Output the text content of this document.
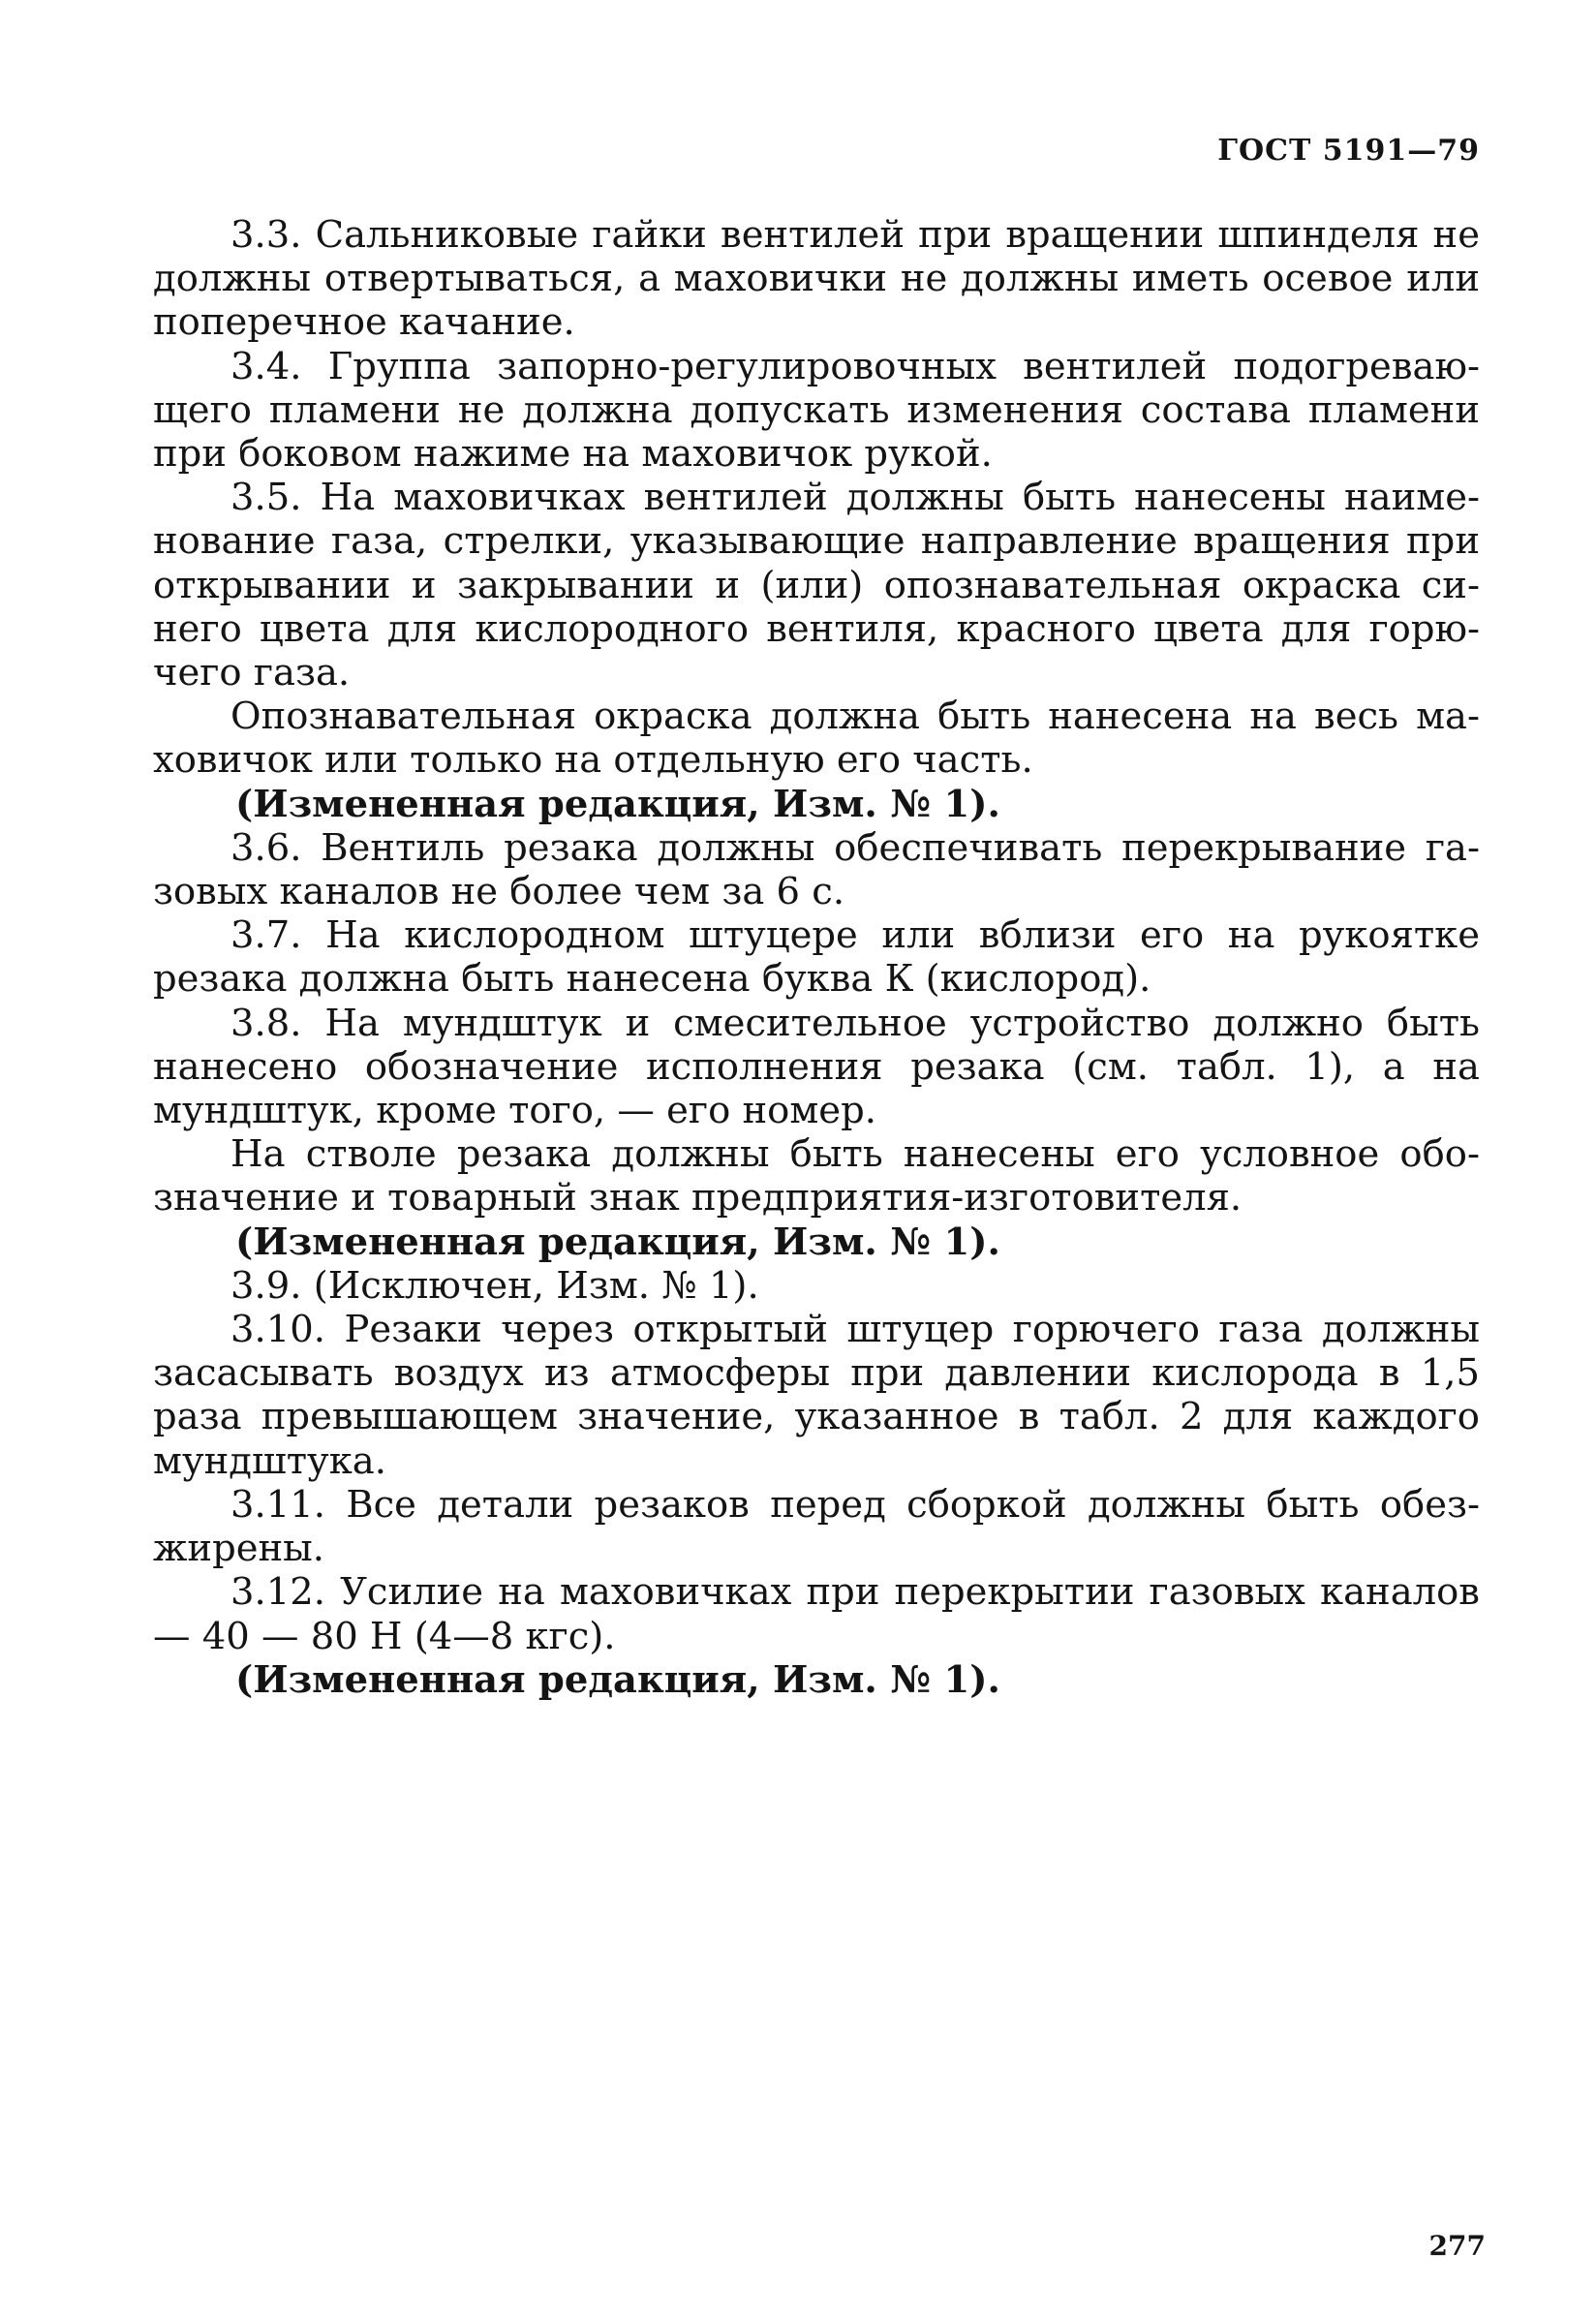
ГОСТ 5191—79

3.3. Сальниковые гайки вентилей при вращении шпинделя не должны отвертываться, а маховички не должны иметь осевое или поперечное качание.

3.4. Группа запорно-регулировочных вентилей подогревающего пламени не должна допускать изменения состава пламени при боковом нажиме на маховичок рукой.

3.5. На маховичках вентилей должны быть нанесены наименование газа, стрелки, указывающие направление вращения при открывании и закрывании и (или) опознавательная окраска синего цвета для кислородного вентиля, красного цвета для горючего газа.

Опознавательная окраска должна быть нанесена на весь маховичок или только на отдельную его часть.

(Измененная редакция, Изм. № 1).

3.6. Вентиль резака должны обеспечивать перекрывание газовых каналов не более чем за 6 с.

3.7. На кислородном штуцере или вблизи его на рукоятке резака должна быть нанесена буква К (кислород).

3.8. На мундштук и смесительное устройство должно быть нанесено обозначение исполнения резака (см. табл. 1), а на мундштук, кроме того, — его номер.

На стволе резака должны быть нанесены его условное обозначение и товарный знак предприятия-изготовителя.

(Измененная редакция, Изм. № 1).

3.9. (Исключен, Изм. № 1).

3.10. Резаки через открытый штуцер горючего газа должны засасывать воздух из атмосферы при давлении кислорода в 1,5 раза превышающем значение, указанное в табл. 2 для каждого мундштука.

3.11. Все детали резаков перед сборкой должны быть обезжирены.

3.12. Усилие на маховичках при перекрытии газовых каналов — 40 — 80 Н (4—8 кгс).

(Измененная редакция, Изм. № 1).

277
